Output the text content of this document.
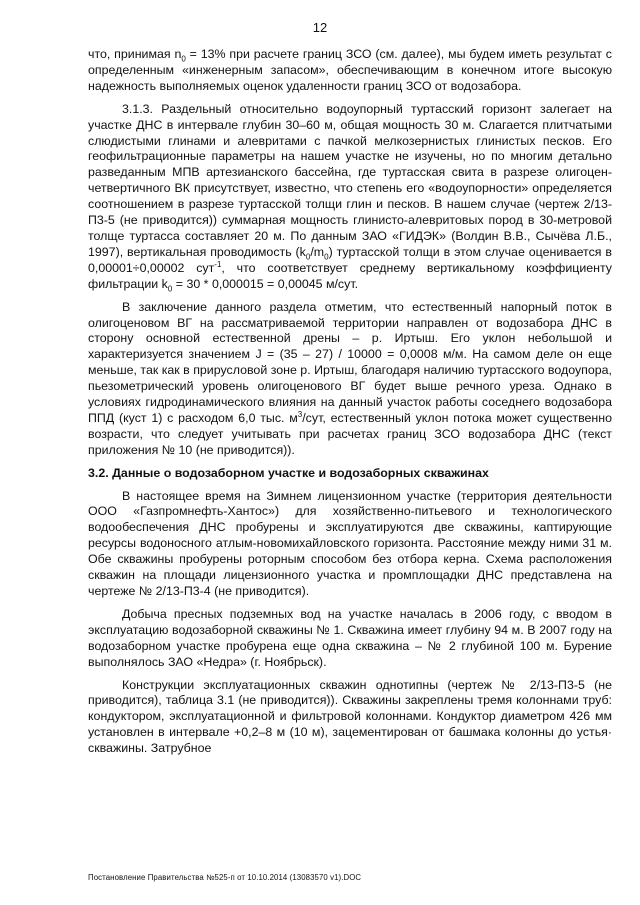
12

что, принимая $n_0 = 13\%$ при расчете границ ЗСО (см. далее), мы будем иметь результат с определенным «инженерным запасом», обеспечивающим в конечном итоге высокую надежность выполняемых оценок удаленности границ ЗСО от водозабора.

3.1.3. Раздельный относительно водоупорный туртасский горизонт залегает на участке ДНС в интервале глубин 30–60 м, общая мощность 30 м. Слагается плитчатыми слюдистыми глинами и алевритами с пачкой мелкозернистых глинистых песков. Его геофильтрационные параметры на нашем участке не изучены, но по многим детально разведанным МПВ артезианского бассейна, где туртасская свита в разрезе олигоцен-четвертичного ВК присутствует, известно, что степень его «водоупорности» определяется соотношением в разрезе туртасской толщи глин и песков. В нашем случае (чертеж 2/13-П3-5 (не приводится)) суммарная мощность глинисто-алевритовых пород в 30-метровой толще туртасса составляет 20 м. По данным ЗАО «ГИДЭК» (Волдин В.В., Сычёва Л.Б., 1997), вертикальная проводимость $(k_0/m_0)$ туртасской толщи в этом случае оценивается в 0,00001÷0,00002 сут$^{-1}$, что соответствует среднему вертикальному коэффициенту фильтрации $k_0 = 30 * 0,000015 = 0,00045$ м/сут.

В заключение данного раздела отметим, что естественный напорный поток в олигоценовом ВГ на рассматриваемой территории направлен от водозабора ДНС в сторону основной естественной дрены – р. Иртыш. Его уклон небольшой и характеризуется значением J = (35 – 27) / 10000 = 0,0008 м/м. На самом деле он еще меньше, так как в прирусловой зоне р. Иртыш, благодаря наличию туртасского водоупора, пьезометрический уровень олигоценового ВГ будет выше речного уреза. Однако в условиях гидродинамического влияния на данный участок работы соседнего водозабора ППД (куст 1) с расходом 6,0 тыс. $м^3$/сут, естественный уклон потока может существенно возрасти, что следует учитывать при расчетах границ ЗСО водозабора ДНС (текст приложения № 10 (не приводится)).

3.2. Данные о водозаборном участке и водозаборных скважинах

В настоящее время на Зимнем лицензионном участке (территория деятельности ООО «Газпромнефть-Хантос») для хозяйственно-питьевого и технологического водообеспечения ДНС пробурены и эксплуатируются две скважины, каптирующие ресурсы водоносного атлым-новомихайловского горизонта. Расстояние между ними 31 м. Обе скважины пробурены роторным способом без отбора керна. Схема расположения скважин на площади лицензионного участка и промплощадки ДНС представлена на чертеже № 2/13-П3-4 (не приводится).

Добыча пресных подземных вод на участке началась в 2006 году, с вводом в эксплуатацию водозаборной скважины № 1. Скважина имеет глубину 94 м. В 2007 году на водозаборном участке пробурена еще одна скважина – № 2 глубиной 100 м. Бурение выполнялось ЗАО «Недра» (г. Ноябрьск).

Конструкции эксплуатационных скважин однотипны (чертеж № 2/13-П3-5 (не приводится), таблица 3.1 (не приводится)). Скважины закреплены тремя колоннами труб: кондуктором, эксплуатационной и фильтровой колоннами. Кондуктор диаметром 426 мм установлен в интервале +0,2–8 м (10 м), зацементирован от башмака колонны до устья· скважины. Затрубное

Постановление Правительства №525-п от 10.10.2014 (13083570 v1).DOC
